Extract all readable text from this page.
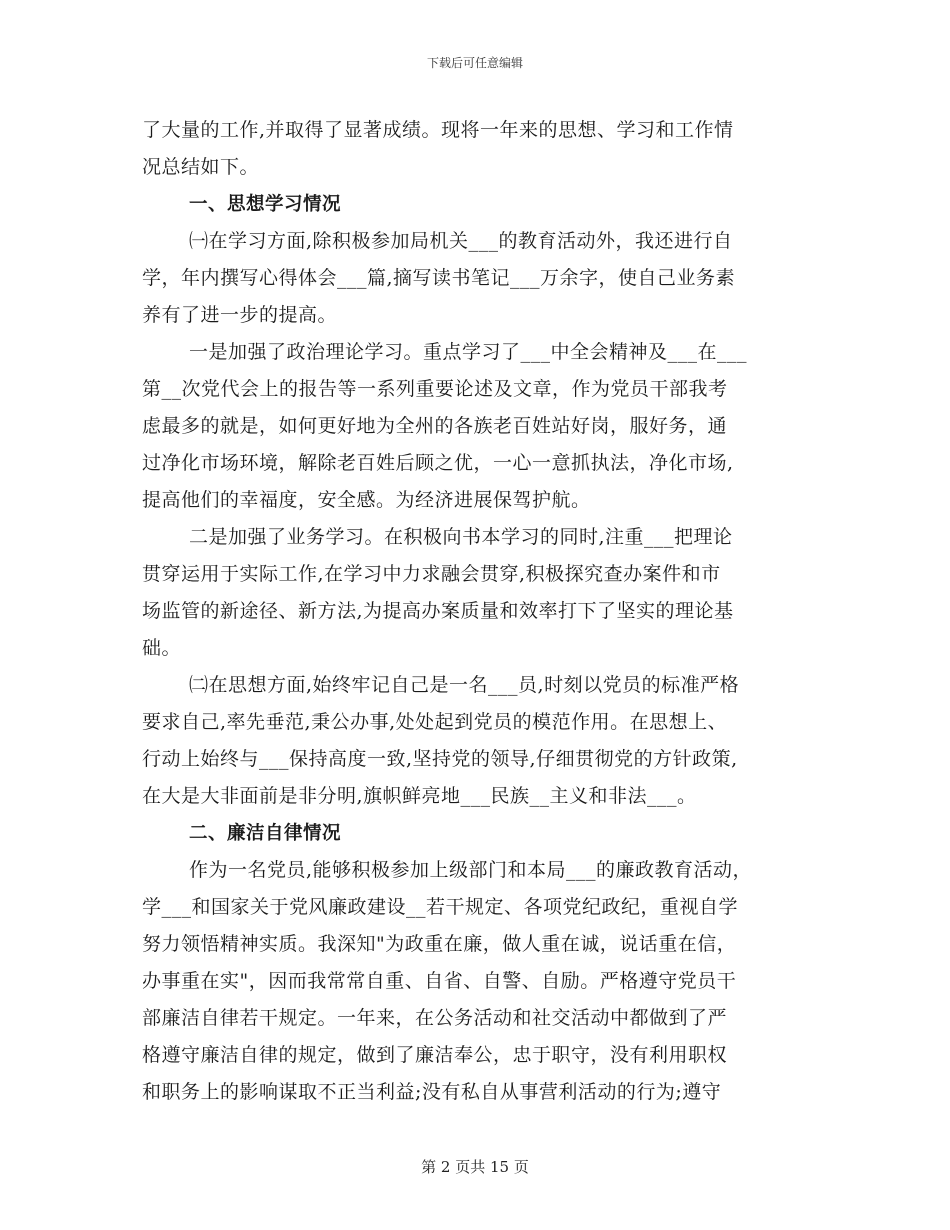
下载后可任意编辑
了大量的工作,并取得了显著成绩。现将一年来的思想、学习和工作情
况总结如下。
一、思想学习情况
㈠在学习方面,除积极参加局机关___的教育活动外，我还进行自
学，年内撰写心得体会___篇,摘写读书笔记___万余字，使自己业务素
养有了进一步的提高。
一是加强了政治理论学习。重点学习了___中全会精神及___在___
第__次党代会上的报告等一系列重要论述及文章，作为党员干部我考
虑最多的就是，如何更好地为全州的各族老百姓站好岗，服好务，通
过净化市场环境，解除老百姓后顾之优，一心一意抓执法，净化市场,
提高他们的幸福度，安全感。为经济进展保驾护航。
二是加强了业务学习。在积极向书本学习的同时,注重___把理论
贯穿运用于实际工作,在学习中力求融会贯穿,积极探究查办案件和市
场监管的新途径、新方法,为提高办案质量和效率打下了坚实的理论基
础。
㈡在思想方面,始终牢记自己是一名___员,时刻以党员的标准严格
要求自己,率先垂范,秉公办事,处处起到党员的模范作用。在思想上、
行动上始终与___保持高度一致,坚持党的领导,仔细贯彻党的方针政策,
在大是大非面前是非分明,旗帜鲜亮地___民族__主义和非法___。
二、廉洁自律情况
作为一名党员,能够积极参加上级部门和本局___的廉政教育活动，
学___和国家关于党风廉政建设__若干规定、各项党纪政纪，重视自学
努力领悟精神实质。我深知"为政重在廉，做人重在诚，说话重在信，
办事重在实"，因而我常常自重、自省、自警、自励。严格遵守党员干
部廉洁自律若干规定。一年来，在公务活动和社交活动中都做到了严
格遵守廉洁自律的规定，做到了廉洁奉公，忠于职守，没有利用职权
和职务上的影响谋取不正当利益;没有私自从事营利活动的行为;遵守
第 2 页共 15 页
